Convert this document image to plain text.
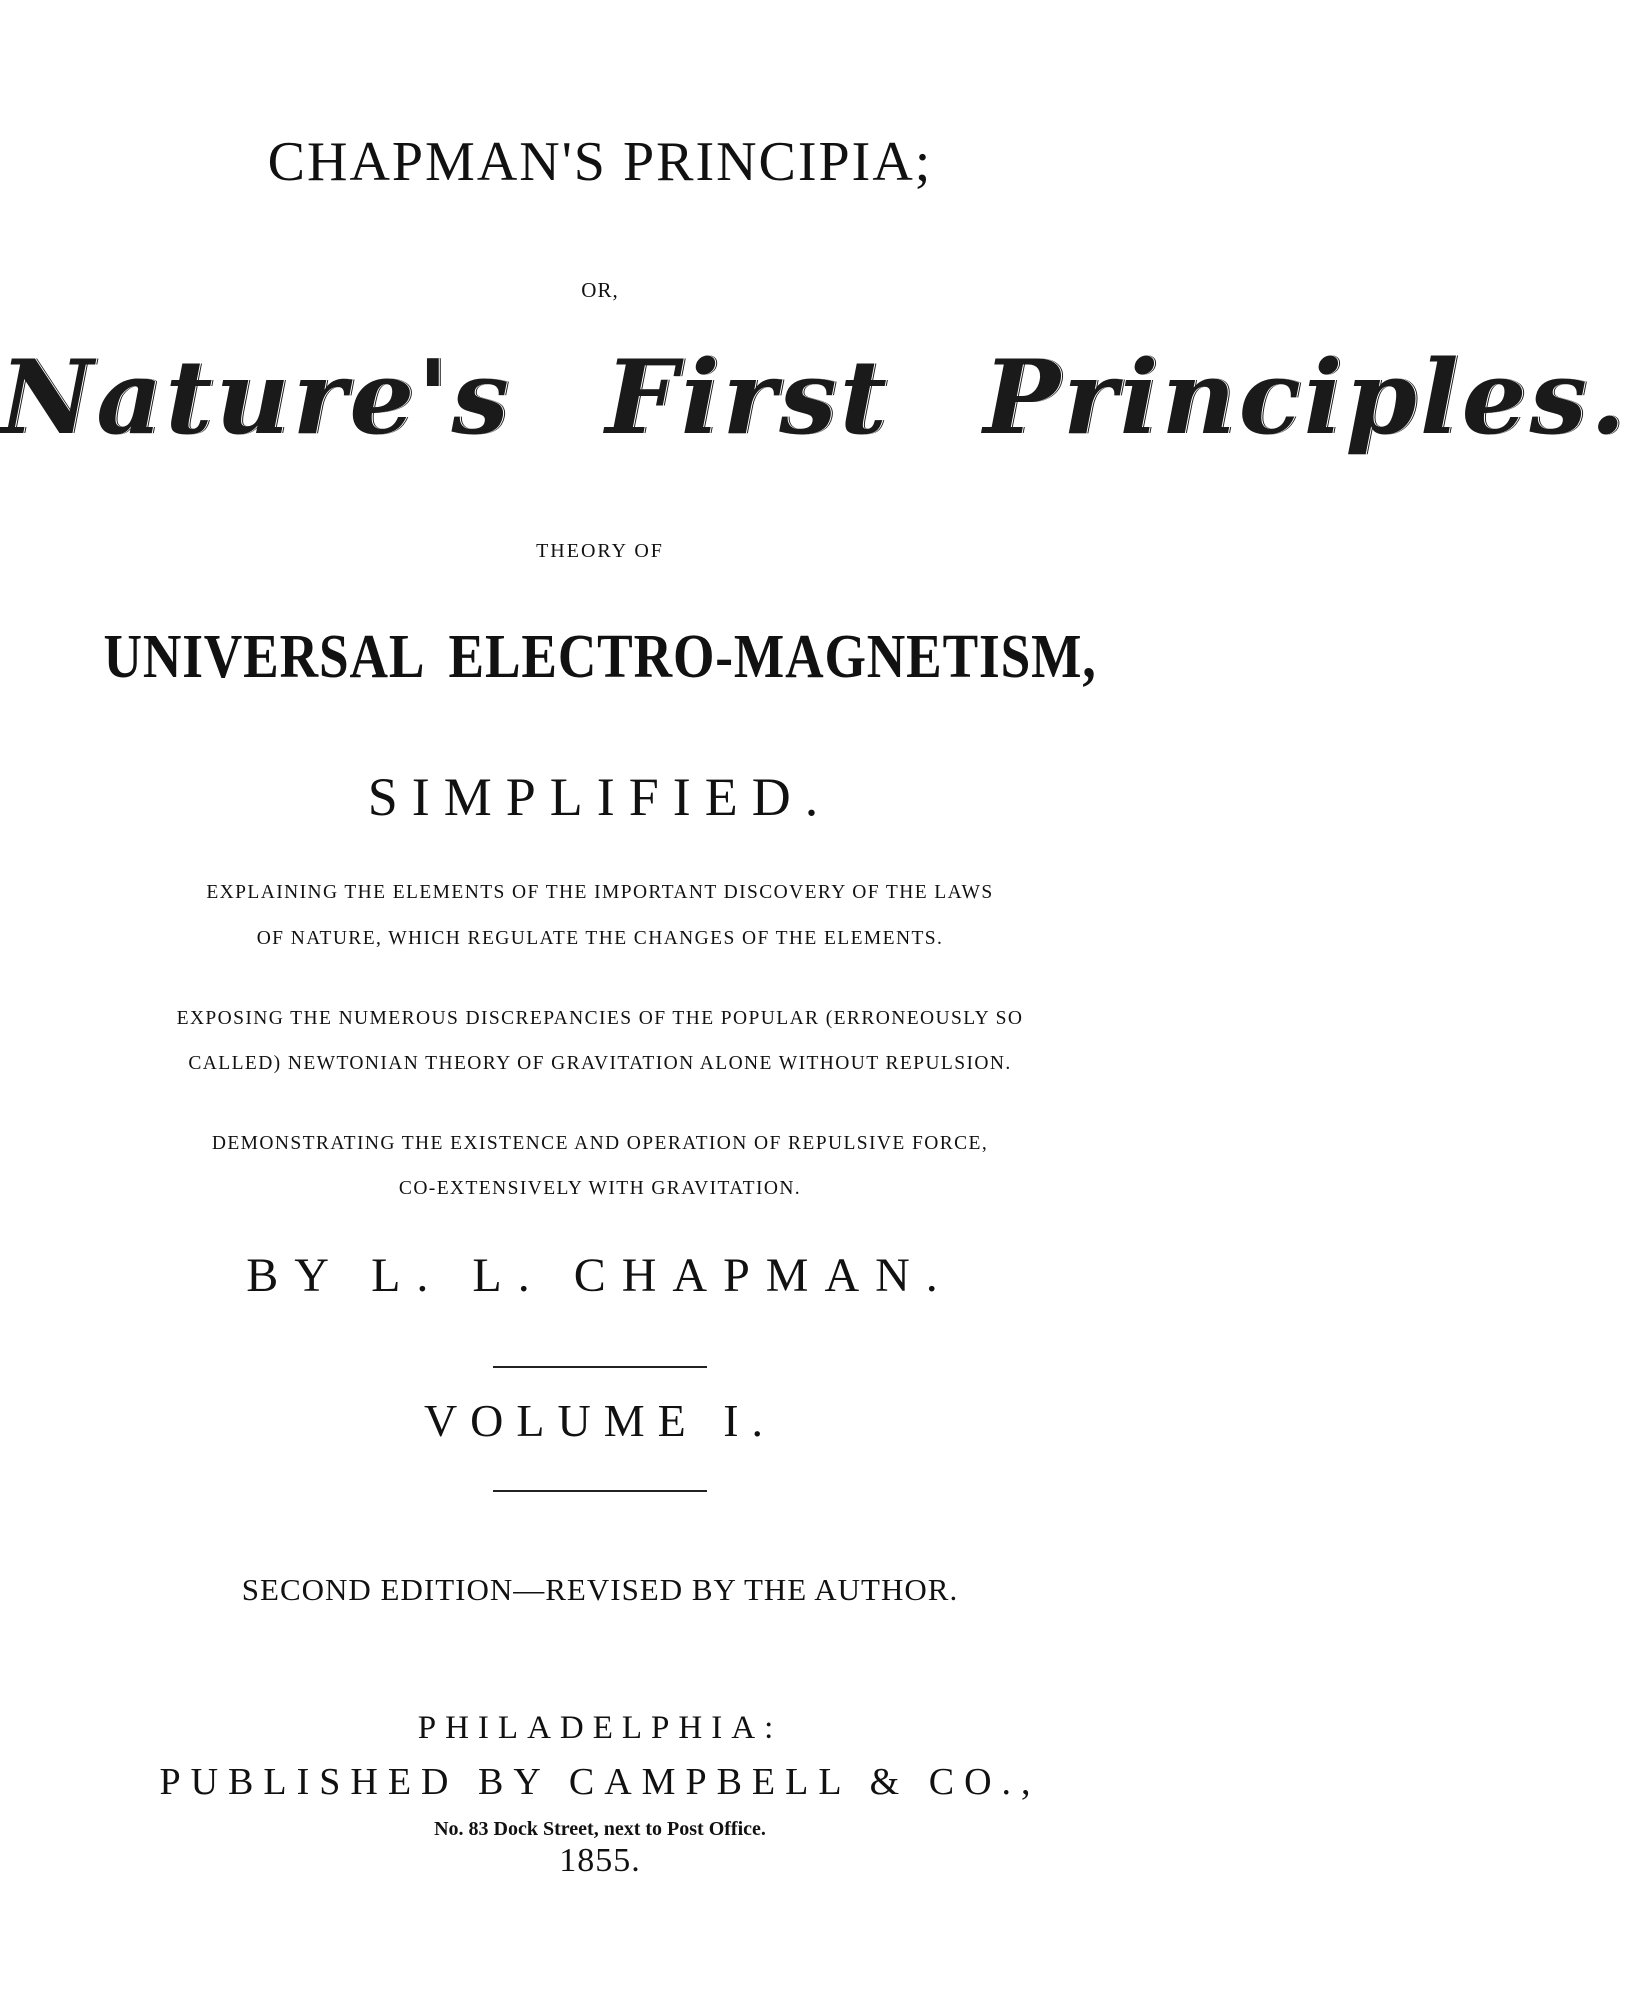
CHAPMAN'S PRINCIPIA;
OR,
Nature's First Principles.
THEORY OF
UNIVERSAL ELECTRO-MAGNETISM,
SIMPLIFIED.
EXPLAINING THE ELEMENTS OF THE IMPORTANT DISCOVERY OF THE LAWS
OF NATURE, WHICH REGULATE THE CHANGES OF THE ELEMENTS.
EXPOSING THE NUMEROUS DISCREPANCIES OF THE POPULAR (ERRONEOUSLY SO
CALLED) NEWTONIAN THEORY OF GRAVITATION ALONE WITHOUT REPULSION.
DEMONSTRATING THE EXISTENCE AND OPERATION OF REPULSIVE FORCE,
CO-EXTENSIVELY WITH GRAVITATION.
BY L. L. CHAPMAN.
VOLUME I.
SECOND EDITION—REVISED BY THE AUTHOR.
PHILADELPHIA:
PUBLISHED BY CAMPBELL & CO.,
No. 83 Dock Street, next to Post Office.
1855.
